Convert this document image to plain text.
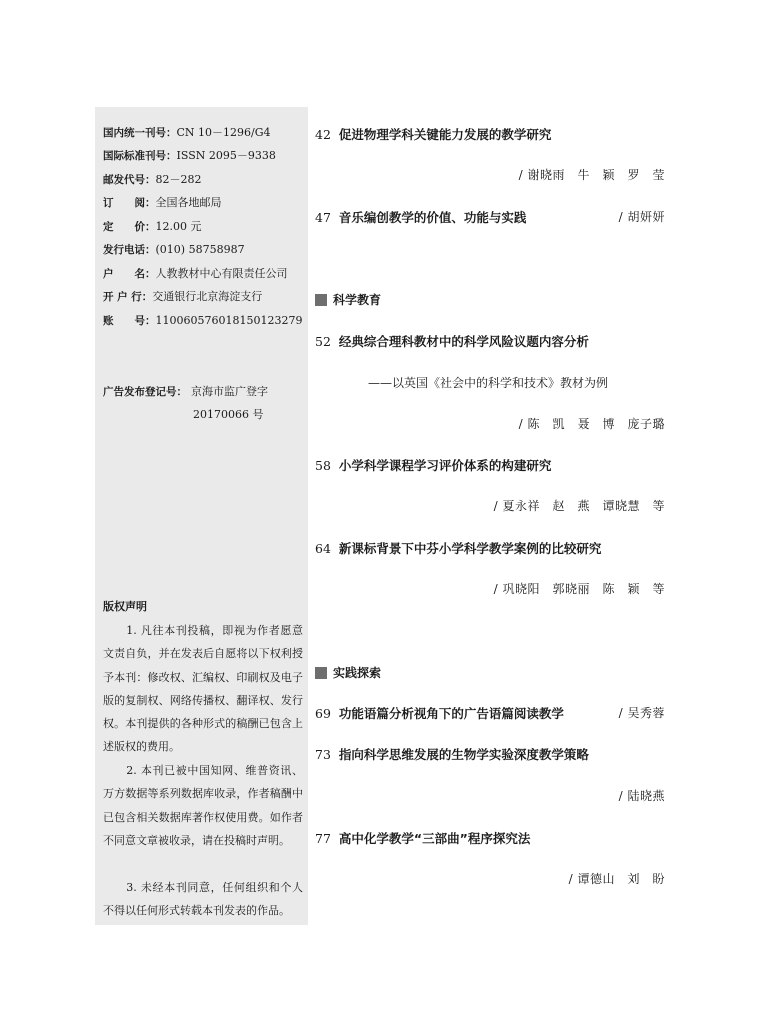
国内统一刊号：CN 10－1296/G4
国际标准刊号：ISSN 2095－9338
邮发代号：82－282
订　　阅：全国各地邮局
定　　价：12.00 元
发行电话：(010) 58758987
户　　名：人教教材中心有限责任公司
开 户 行：交通银行北京海淀支行
账　　号：110060576018150123279
广告发布登记号： 京海市监广登字
20170066 号
版权声明
　　1. 凡往本刊投稿，即视为作者愿意文责自负，并在发表后自愿将以下权利授予本刊：修改权、汇编权、印刷权及电子版的复制权、网络传播权、翻译权、发行权。本刊提供的各种形式的稿酬已包含上述版权的费用。
　　2. 本刊已被中国知网、维普资讯、万方数据等系列数据库收录，作者稿酬中已包含相关数据库著作权使用费。如作者不同意文章被收录，请在投稿时声明。
　　3. 未经本刊同意，任何组织和个人不得以任何形式转载本刊发表的作品。
42 促进物理学科关键能力发展的教学研究
/ 谢晓雨　牛　颖　罗　莹
47 音乐编创教学的价值、功能与实践	/ 胡妍妍
科学教育
52 经典综合理科教材中的科学风险议题内容分析
——以英国《社会中的科学和技术》教材为例
/ 陈　凯　聂　博　庞子璐
58 小学科学课程学习评价体系的构建研究
/ 夏永祥　赵　燕　谭晓慧　等
64 新课标背景下中芬小学科学教学案例的比较研究
/ 巩晓阳　郭晓丽　陈　颖　等
实践探索
69 功能语篇分析视角下的广告语篇阅读教学	/ 吴秀蓉
73 指向科学思维发展的生物学实验深度教学策略
/ 陆晓燕
77 高中化学教学“三部曲”程序探究法
/ 谭德山　刘　盼
